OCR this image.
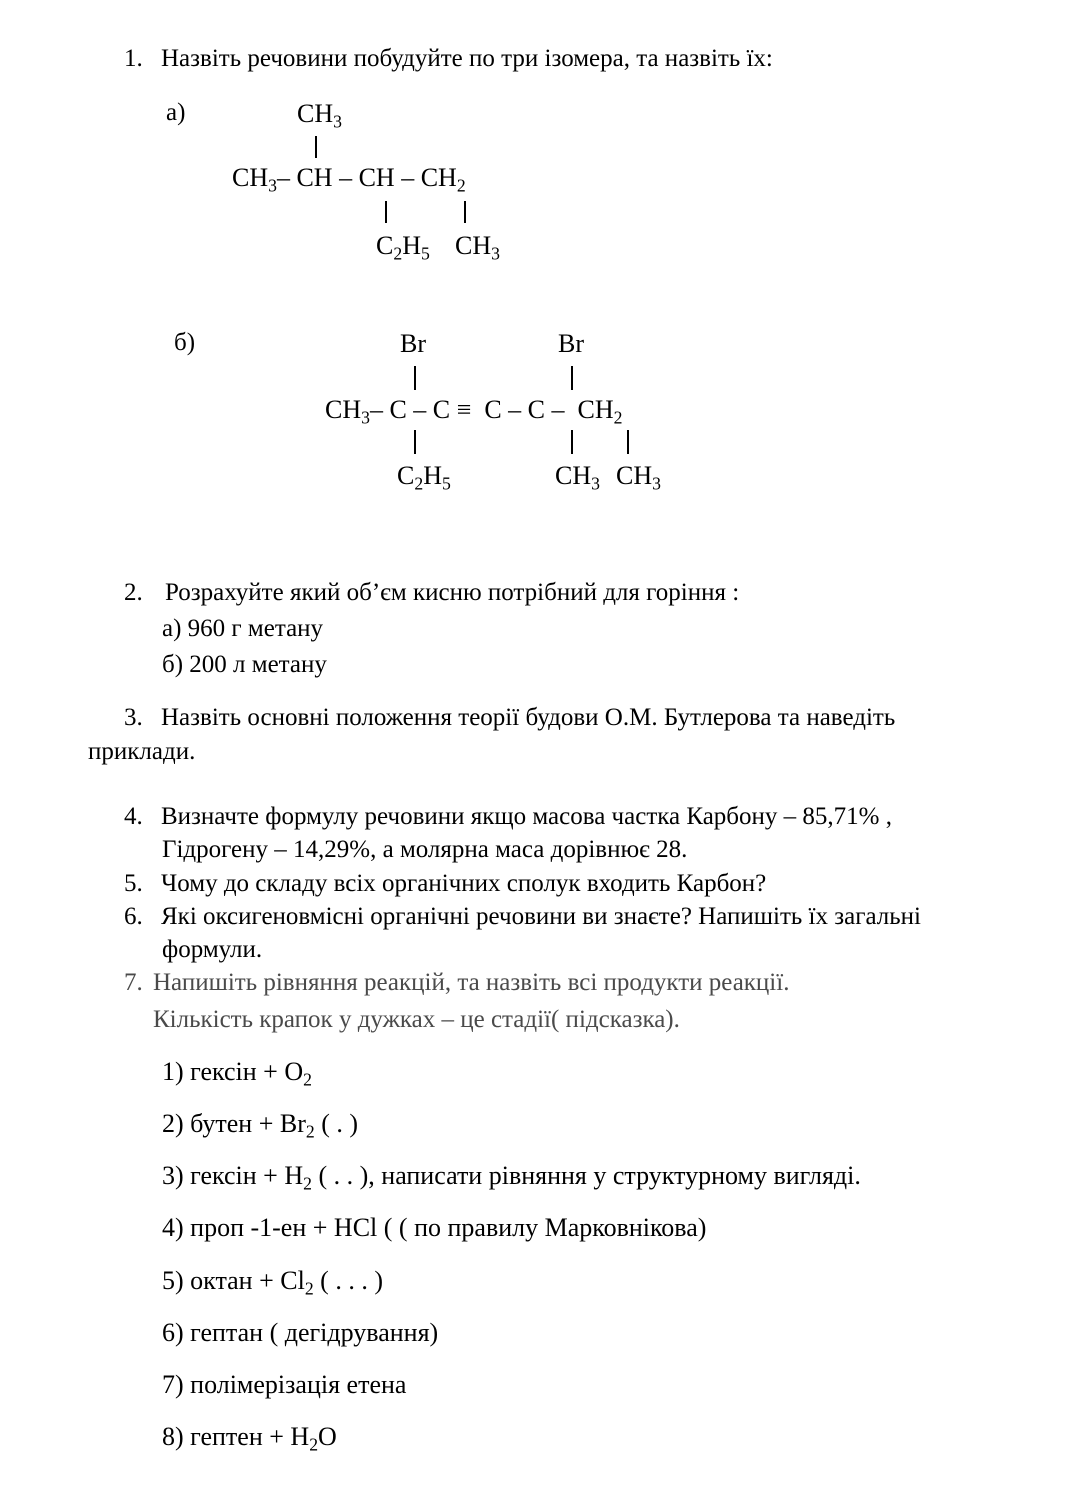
1. Назвіть речовини побудуйте по три ізомера, та назвіть їх:
а)	$CH_3$
$CH_3-$ CH – CH – $CH_2$
$C_2H_5$ $CH_3$
б)	Br	Br
$CH_3-$ $C - C \equiv C - C - CH_2$
$C_2H_5$	$CH_3$ $CH_3$
2. Розрахуйте який об’єм кисню потрібний для горіння :
а) 960 г метану
б) 200 л метану
3. Назвіть основні положення теорії будови О.М. Бутлерова та наведіть
приклади.
4. Визначте формулу речовини якщо масова частка Карбону – 85,71% ,
Гідрогену – 14,29%, а молярна маса дорівнює 28.
5. Чому до складу всіх органічних сполук входить Карбон?
6. Які оксигеновмісні органічні речовини ви знаєте? Напишіть їх загальні
формули.
7. Напишіть рівняння реакцій, та назвіть всі продукти реакції.
Кількість крапок у дужках – це стадії( підсказка).
1) гексін + $O_2$
2) бутен + $Br_2$ ( . )
3) гексін + $H_2$ ( . . ), написати рівняння у структурному вигляді.
4) проп -1-ен + HCl ( ( по правилу Марковнікова)
5) октан + $Cl_2$ ( . . . )
6) гептан ( дегідрування)
7) полімерізація етена
8) гептен + $H_2O$
